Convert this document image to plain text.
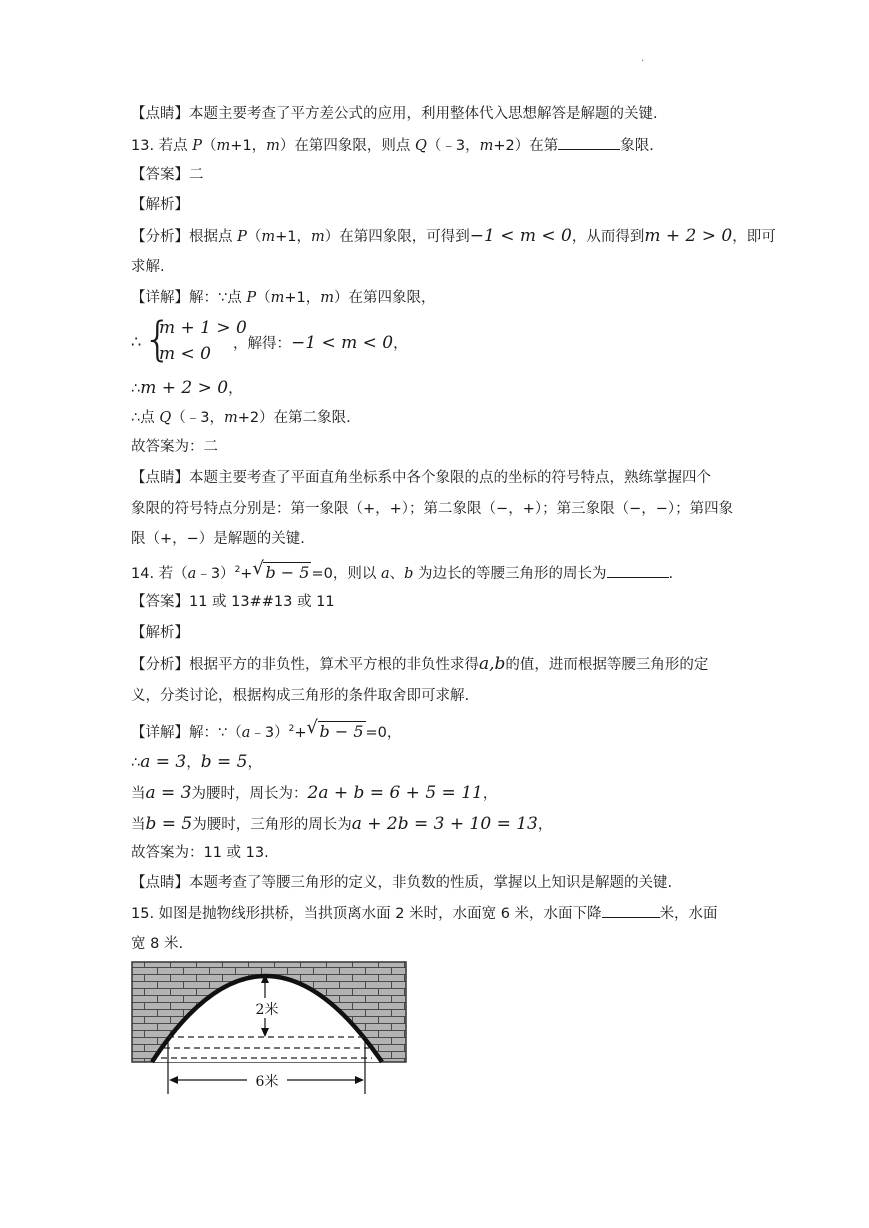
·
【点睛】本题主要考查了平方差公式的应用，利用整体代入思想解答是解题的关键.
13. 若点 P（m+1，m）在第四象限，则点 Q（﹣3，m+2）在第	象限.
【答案】二
【解析】
【分析】根据点 P（m+1，m）在第四象限，可得到−1 < m < 0，从而得到m + 2 > 0，即可
求解.
【详解】解：∵点 P（m+1，m）在第四象限，
∴ {
m + 1 > 0
m < 0 ，解得：−1 < m < 0，
∴m + 2 > 0，
∴点 Q（﹣3，m+2）在第二象限.
故答案为：二
【点睛】本题主要考查了平面直角坐标系中各个象限的点的坐标的符号特点，熟练掌握四个
象限的符号特点分别是：第一象限（+，+）；第二象限（−，+）；第三象限（−，−）；第四象
限（+，−）是解题的关键.
14. 若（a﹣3）$^2$+ √ b − 5 =0，则以 a、b 为边长的等腰三角形的周长为	.
【答案】11 或 13##13 或 11
【解析】
【分析】根据平方的非负性，算术平方根的非负性求得a,b的值，进而根据等腰三角形的定
义，分类讨论，根据构成三角形的条件取舍即可求解.
【详解】解：∵（a﹣3）$^2$+ √ b − 5 =0，
∴a = 3，b = 5，
当a = 3为腰时，周长为：2a + b = 6 + 5 = 11，
当b = 5为腰时，三角形的周长为a + 2b = 3 + 10 = 13，
故答案为：11 或 13.
【点睛】本题考查了等腰三角形的定义，非负数的性质，掌握以上知识是解题的关键.
15. 如图是抛物线形拱桥，当拱顶离水面 2 米时，水面宽 6 米，水面下降	米，水面
宽 8 米.
2米
6米
